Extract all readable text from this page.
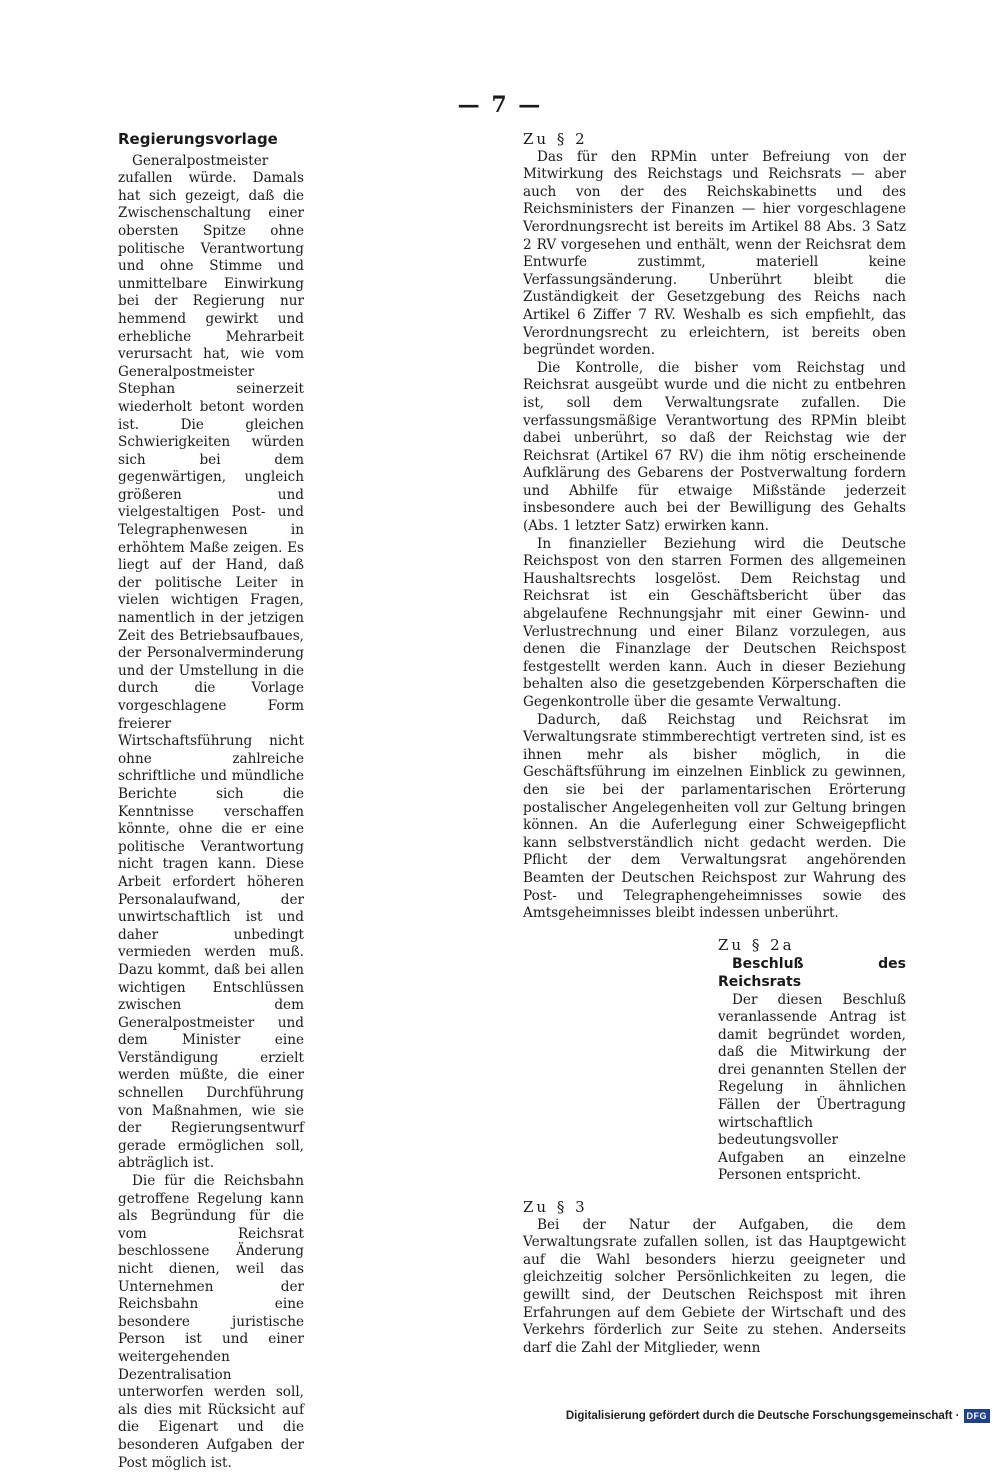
— 7 —

Regierungsvorlage

Generalpostmeister zufallen würde. Damals hat sich gezeigt, daß die Zwischenschaltung einer obersten Spitze ohne politische Verantwortung und ohne Stimme und unmittelbare Einwirkung bei der Regierung nur hemmend gewirkt und erhebliche Mehrarbeit verursacht hat, wie vom Generalpostmeister Stephan seinerzeit wiederholt betont worden ist. Die gleichen Schwierigkeiten würden sich bei dem gegenwärtigen, ungleich größeren und vielgestaltigen Post- und Telegraphenwesen in erhöhtem Maße zeigen. Es liegt auf der Hand, daß der politische Leiter in vielen wichtigen Fragen, namentlich in der jetzigen Zeit des Betriebsaufbaues, der Personalverminderung und der Umstellung in die durch die Vorlage vorgeschlagene Form freierer Wirtschaftsführung nicht ohne zahlreiche schriftliche und mündliche Berichte sich die Kenntnisse verschaffen könnte, ohne die er eine politische Verantwortung nicht tragen kann. Diese Arbeit erfordert höheren Personalaufwand, der unwirtschaftlich ist und daher unbedingt vermieden werden muß. Dazu kommt, daß bei allen wichtigen Entschlüssen zwischen dem Generalpostmeister und dem Minister eine Verständigung erzielt werden müßte, die einer schnellen Durchführung von Maßnahmen, wie sie der Regierungsentwurf gerade ermöglichen soll, abträglich ist.

Die für die Reichsbahn getroffene Regelung kann als Begründung für die vom Reichsrat beschlossene Änderung nicht dienen, weil das Unternehmen der Reichsbahn eine besondere juristische Person ist und einer weitergehenden Dezentralisation unterworfen werden soll, als dies mit Rücksicht auf die Eigenart und die besonderen Aufgaben der Post möglich ist.

Zu § 2

Das für den RPMin unter Befreiung von der Mitwirkung des Reichstags und Reichsrats — aber auch von der des Reichskabinetts und des Reichsministers der Finanzen — hier vorgeschlagene Verordnungsrecht ist bereits im Artikel 88 Abs. 3 Satz 2 RV vorgesehen und enthält, wenn der Reichsrat dem Entwurfe zustimmt, materiell keine Verfassungsänderung. Unberührt bleibt die Zuständigkeit der Gesetzgebung des Reichs nach Artikel 6 Ziffer 7 RV. Weshalb es sich empfiehlt, das Verordnungsrecht zu erleichtern, ist bereits oben begründet worden.

Die Kontrolle, die bisher vom Reichstag und Reichsrat ausgeübt wurde und die nicht zu entbehren ist, soll dem Verwaltungsrate zufallen. Die verfassungsmäßige Verantwortung des RPMin bleibt dabei unberührt, so daß der Reichstag wie der Reichsrat (Artikel 67 RV) die ihm nötig erscheinende Aufklärung des Gebarens der Postverwaltung fordern und Abhilfe für etwaige Mißstände jederzeit insbesondere auch bei der Bewilligung des Gehalts (Abs. 1 letzter Satz) erwirken kann.

In finanzieller Beziehung wird die Deutsche Reichspost von den starren Formen des allgemeinen Haushaltsrechts losgelöst. Dem Reichstag und Reichsrat ist ein Geschäftsbericht über das abgelaufene Rechnungsjahr mit einer Gewinn- und Verlustrechnung und einer Bilanz vorzulegen, aus denen die Finanzlage der Deutschen Reichspost festgestellt werden kann. Auch in dieser Beziehung behalten also die gesetzgebenden Körperschaften die Gegenkontrolle über die gesamte Verwaltung.

Dadurch, daß Reichstag und Reichsrat im Verwaltungsrate stimmberechtigt vertreten sind, ist es ihnen mehr als bisher möglich, in die Geschäftsführung im einzelnen Einblick zu gewinnen, den sie bei der parlamentarischen Erörterung postalischer Angelegenheiten voll zur Geltung bringen können. An die Auferlegung einer Schweigepflicht kann selbstverständlich nicht gedacht werden. Die Pflicht der dem Verwaltungsrat angehörenden Beamten der Deutschen Reichspost zur Wahrung des Post- und Telegraphengeheimnisses sowie des Amtsgeheimnisses bleibt indessen unberührt.

Zu § 2a

Beschluß des Reichsrats

Der diesen Beschluß veranlassende Antrag ist damit begründet worden, daß die Mitwirkung der drei genannten Stellen der Regelung in ähnlichen Fällen der Übertragung wirtschaftlich bedeutungsvoller Aufgaben an einzelne Personen entspricht.

Zu § 3

Bei der Natur der Aufgaben, die dem Verwaltungsrate zufallen sollen, ist das Hauptgewicht auf die Wahl besonders hierzu geeigneter und gleichzeitig solcher Persönlichkeiten zu legen, die gewillt sind, der Deutschen Reichspost mit ihren Erfahrungen auf dem Gebiete der Wirtschaft und des Verkehrs förderlich zur Seite zu stehen. Anderseits darf die Zahl der Mitglieder, wenn

Digitalisierung gefördert durch die Deutsche Forschungsgemeinschaft · DFG
